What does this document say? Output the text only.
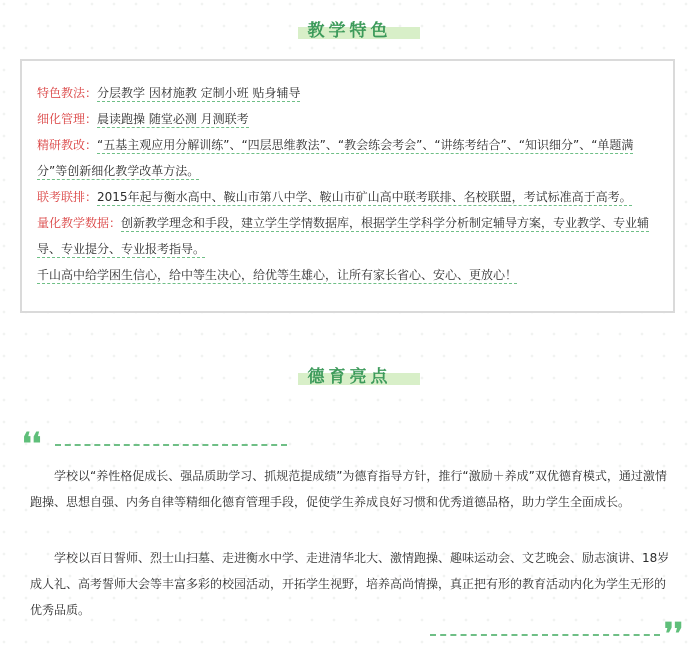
教学特色
特色教法：分层教学 因材施教 定制小班 贴身辅导
细化管理：晨读跑操 随堂必测 月测联考
精研教改：“五基主观应用分解训练”、“四层思维教法”、“教会练会考会”、“讲练考结合”、“知识细分”、“单题满分”等创新细化教学改革方法。
联考联排：2015年起与衡水高中、鞍山市第八中学、鞍山市矿山高中联考联排、名校联盟，考试标准高于高考。
量化教学数据：创新教学理念和手段，建立学生学情数据库，根据学生学科学分析制定辅导方案，专业教学、专业辅导、专业提分、专业报考指导。
千山高中给学困生信心，给中等生决心，给优等生雄心，让所有家长省心、安心、更放心！
德育亮点
❛❛
学校以“养性格促成长、强品质助学习、抓规范提成绩”为德育指导方针，推行“激励＋养成”双优德育模式，通过激情跑操、思想自强、内务自律等精细化德育管理手段，促使学生养成良好习惯和优秀道德品格，助力学生全面成长。
学校以百日誓师、烈士山扫墓、走进衡水中学、走进清华北大、激情跑操、趣味运动会、文艺晚会、励志演讲、18岁成人礼、高考誓师大会等丰富多彩的校园活动，开拓学生视野，培养高尚情操，真正把有形的教育活动内化为学生无形的优秀品质。
❜❜
